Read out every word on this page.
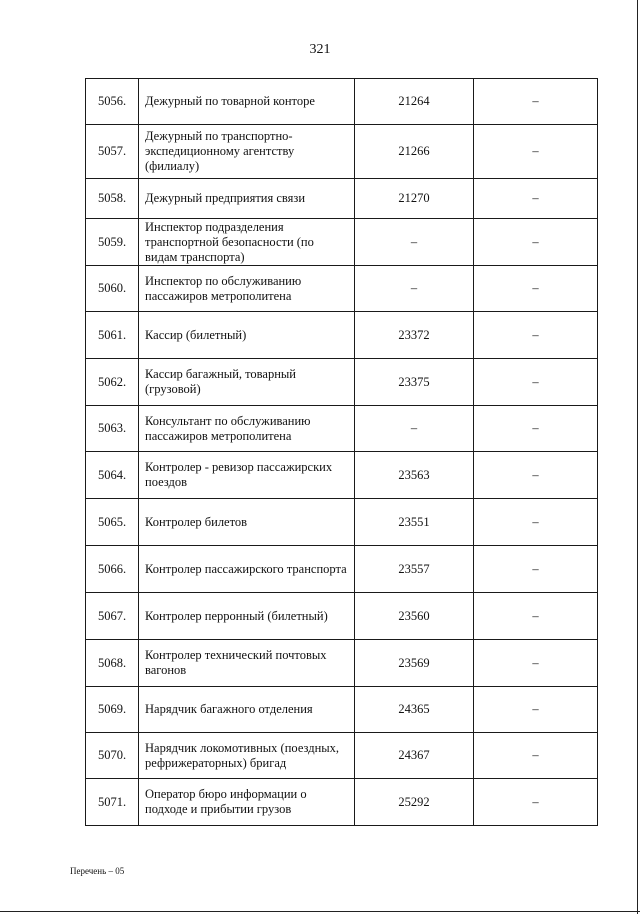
321
5056.	Дежурный по товарной конторе	21264	–
5057.	Дежурный по транспортно-экспедиционному агентству (филиалу)	21266	–
5058.	Дежурный предприятия связи	21270	–
5059.	Инспектор подразделения транспортной безопасности (по видам транспорта)	–	–
5060.	Инспектор по обслуживанию пассажиров метрополитена	–	–
5061.	Кассир (билетный)	23372	–
5062.	Кассир багажный, товарный (грузовой)	23375	–
5063.	Консультант по обслуживанию пассажиров метрополитена	–	–
5064.	Контролер - ревизор пассажирских поездов	23563	–
5065.	Контролер билетов	23551	–
5066.	Контролер пассажирского транспорта	23557	–
5067.	Контролер перронный (билетный)	23560	–
5068.	Контролер технический почтовых вагонов	23569	–
5069.	Нарядчик багажного отделения	24365	–
5070.	Нарядчик локомотивных (поездных, рефрижераторных) бригад	24367	–
5071.	Оператор бюро информации о подходе и прибытии грузов	25292	–
Перечень – 05
